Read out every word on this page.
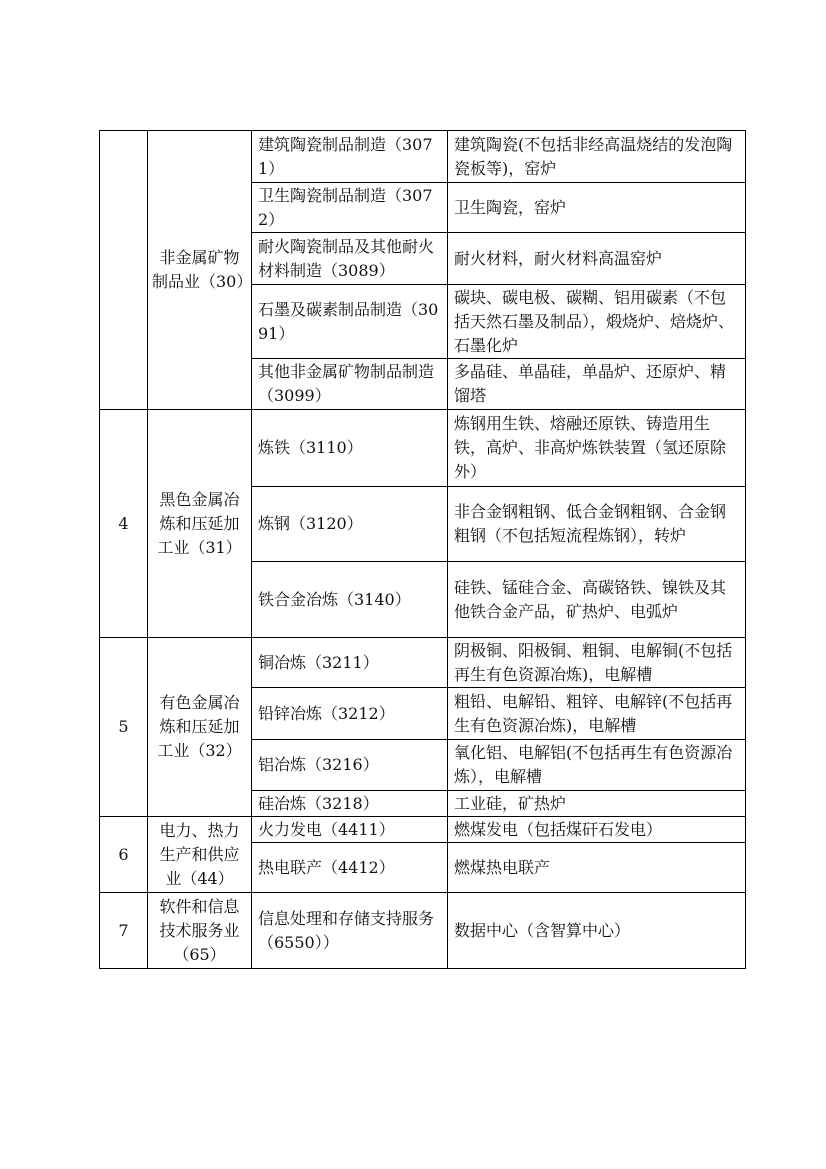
	非金属矿物制品业（30）	建筑陶瓷制品制造（3071）	建筑陶瓷(不包括非经高温烧结的发泡陶瓷板等)，窑炉
		卫生陶瓷制品制造（3072）	卫生陶瓷，窑炉
		耐火陶瓷制品及其他耐火材料制造（3089）	耐火材料，耐火材料高温窑炉
		石墨及碳素制品制造（3091）	碳块、碳电极、碳糊、铝用碳素（不包括天然石墨及制品），煅烧炉、焙烧炉、石墨化炉
		其他非金属矿物制品制造（3099）	多晶硅、单晶硅，单晶炉、还原炉、精馏塔
4	黑色金属冶炼和压延加工业（31）	炼铁（3110）	炼钢用生铁、熔融还原铁、铸造用生铁，高炉、非高炉炼铁装置（氢还原除外）
		炼钢（3120）	非合金钢粗钢、低合金钢粗钢、合金钢粗钢（不包括短流程炼钢），转炉
		铁合金冶炼（3140）	硅铁、锰硅合金、高碳铬铁、镍铁及其他铁合金产品，矿热炉、电弧炉
5	有色金属冶炼和压延加工业（32）	铜冶炼（3211）	阴极铜、阳极铜、粗铜、电解铜(不包括再生有色资源冶炼)，电解槽
		铅锌冶炼（3212）	粗铅、电解铅、粗锌、电解锌(不包括再生有色资源冶炼)，电解槽
		铝冶炼（3216）	氧化铝、电解铝(不包括再生有色资源冶炼），电解槽
		硅冶炼（3218）	工业硅，矿热炉
6	电力、热力生产和供应业（44）	火力发电（4411）	燃煤发电（包括煤矸石发电）
		热电联产（4412）	燃煤热电联产
7	软件和信息技术服务业（65）	信息处理和存储支持服务（6550））	数据中心（含智算中心）
